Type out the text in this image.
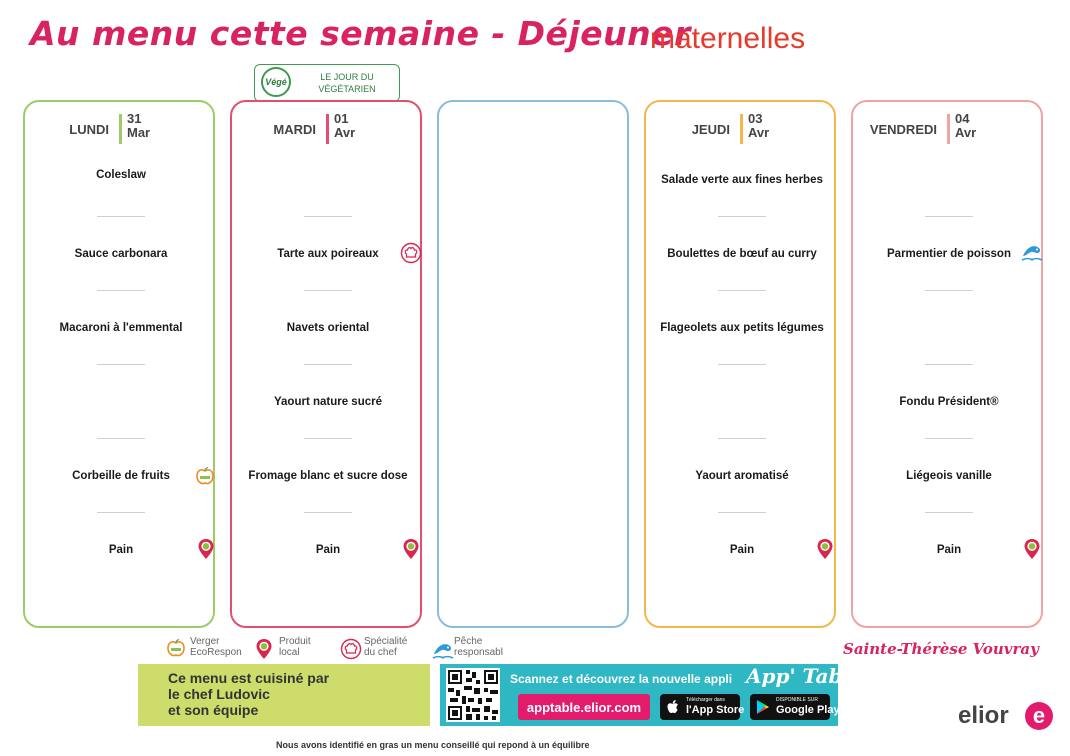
Au menu cette semaine - Déjeuner
maternelles
Végé	LE JOUR DU
VÉGÉTARIEN
LUNDI
31
Mar
Coleslaw
Sauce carbonara
Macaroni à l'emmental
Corbeille de fruits
Pain
MARDI
01
Avr
Tarte aux poireaux
Navets oriental
Yaourt nature sucré
Fromage blanc et sucre dose
Pain
JEUDI
03
Avr
Salade verte aux fines herbes
Boulettes de bœuf au curry
Flageolets aux petits légumes
Yaourt aromatisé
Pain
VENDREDI
04
Avr
Parmentier de poisson
Fondu Président®
Liégeois vanille
Pain
Verger
EcoRespon
Produit
local
Spécialité
du chef
Pêche
responsabl	Sainte-Thérèse Vouvray
Ce menu est cuisiné par
le chef Ludovic
et son équipe
Scannez et découvrez la nouvelle appli App' Table
apptable.elior.com	Télécharger dans
l'App Store
DISPONIBLE SUR
Google Play	elior	e
Nous avons identifié en gras un menu conseillé qui repond à un équilibre
